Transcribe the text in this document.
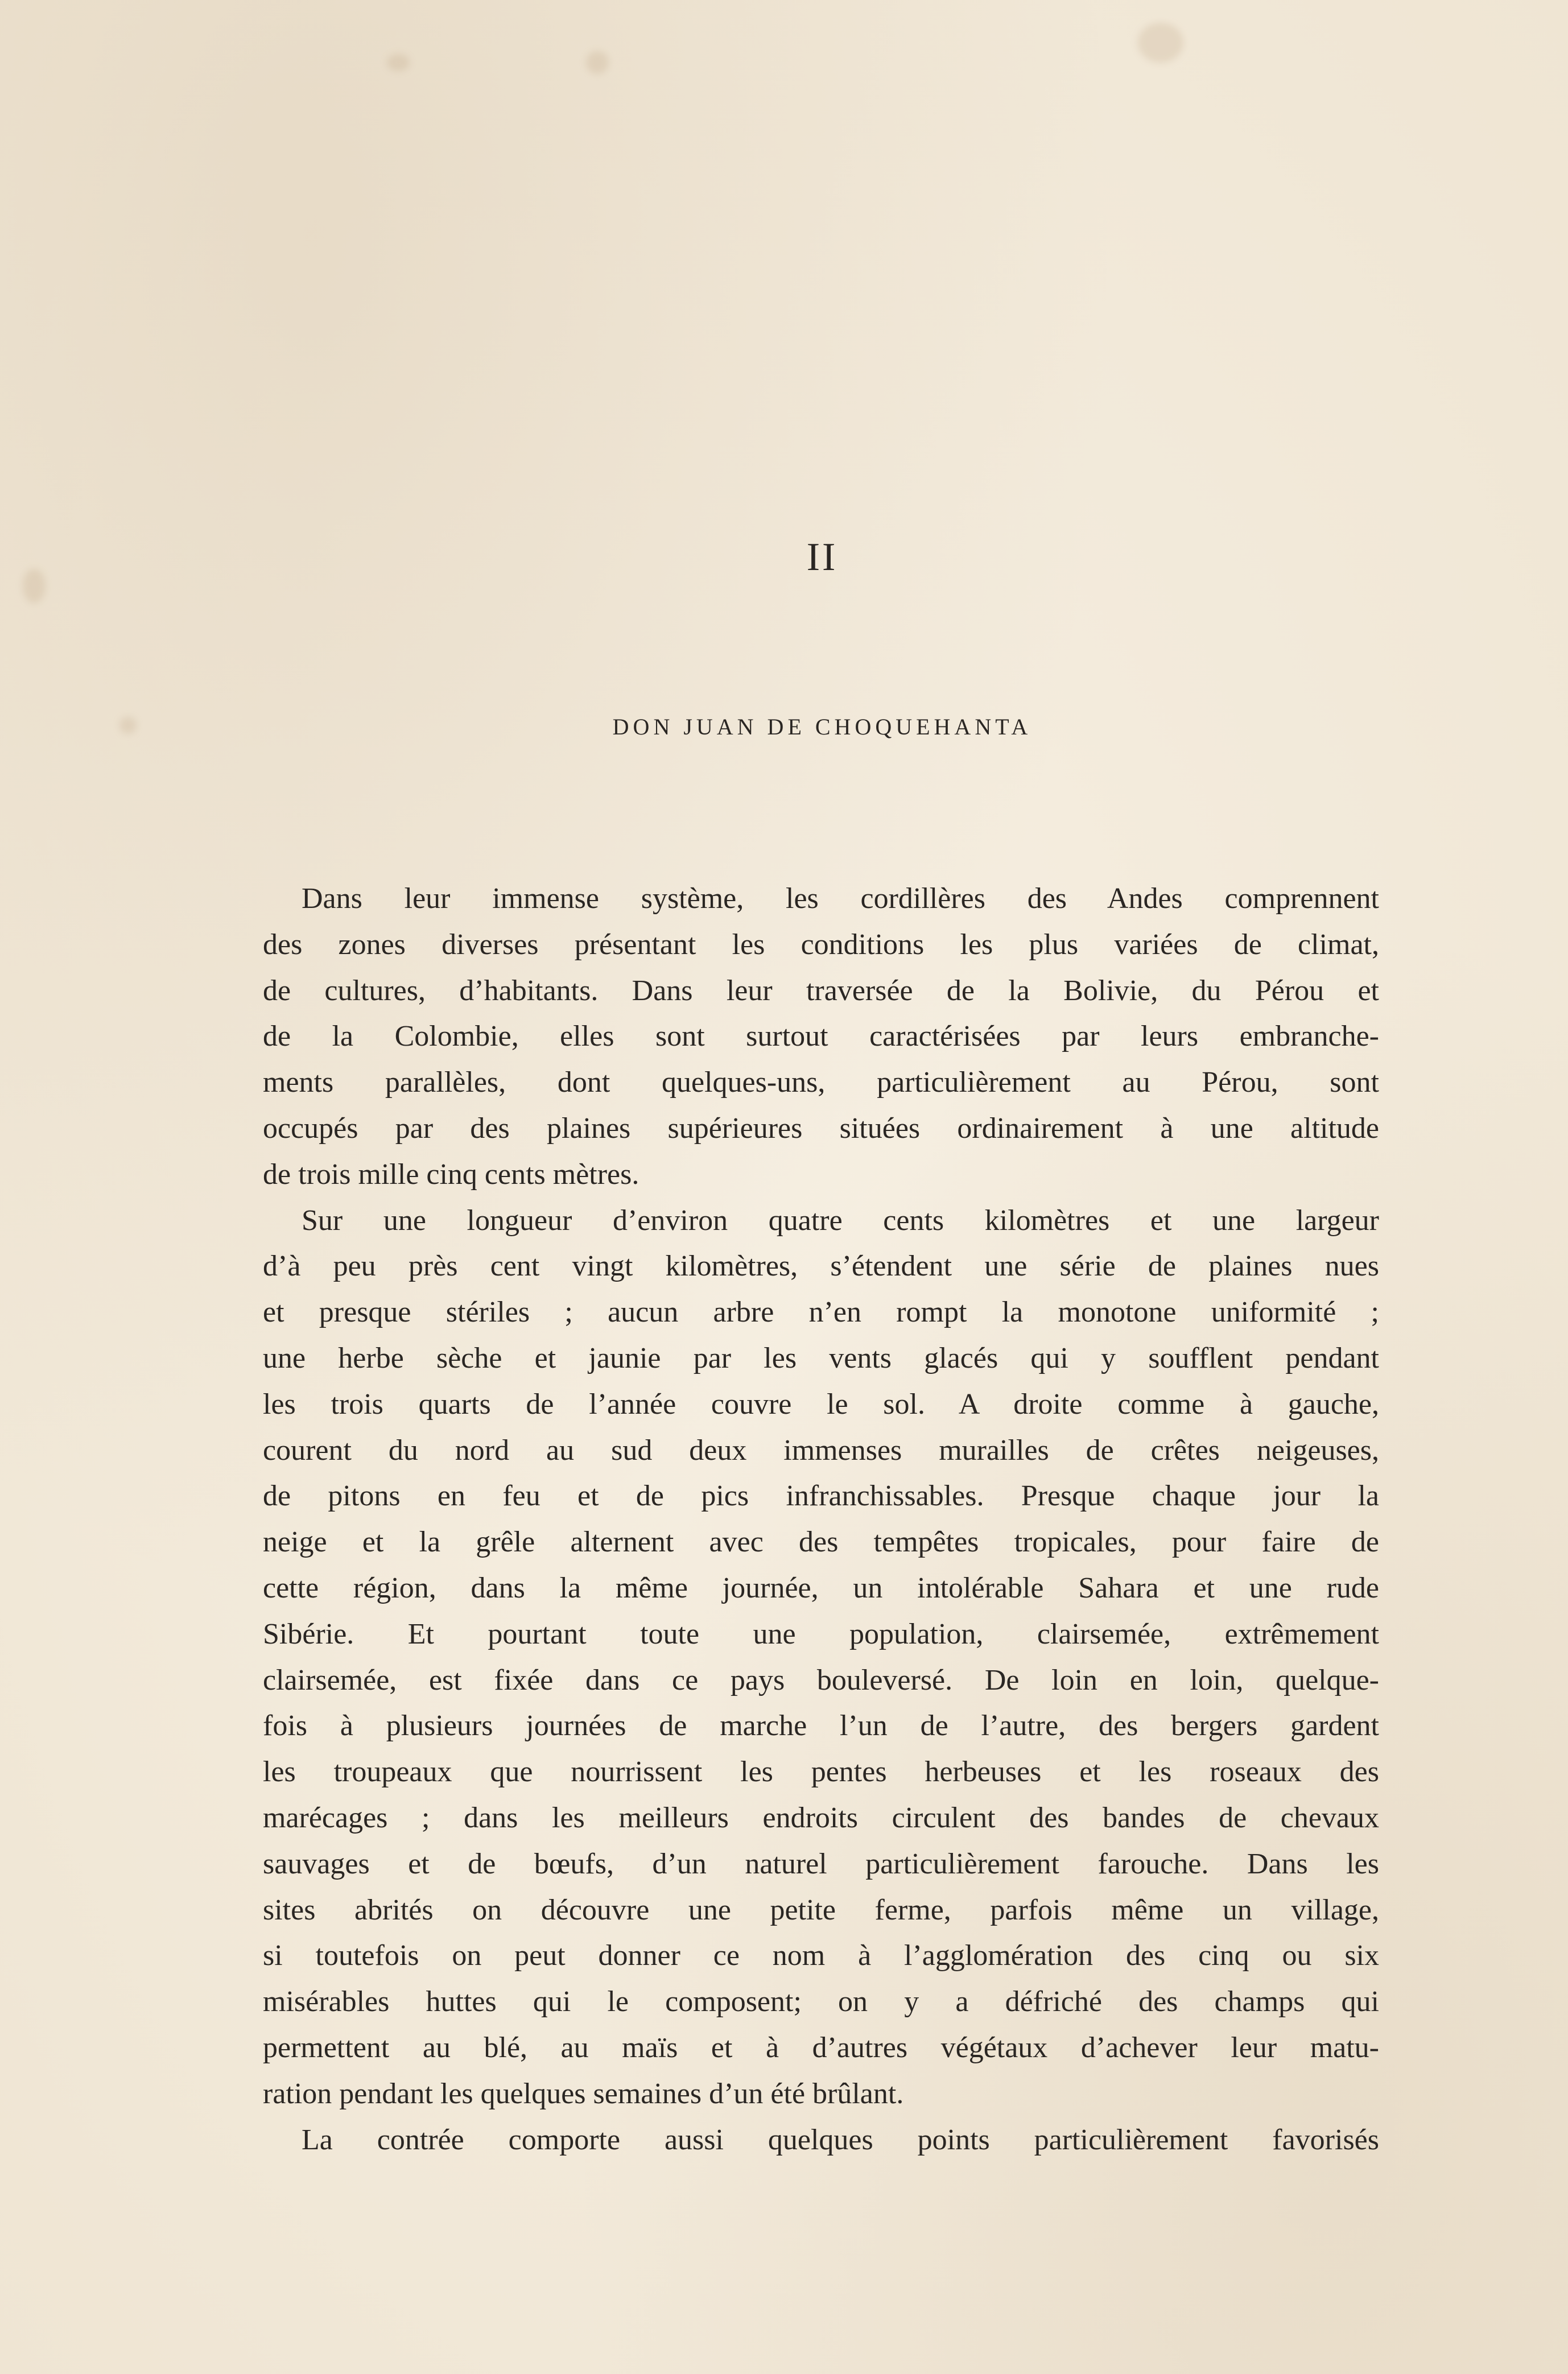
II
DON JUAN DE CHOQUEHANTA
Dans leur immense système, les cordillères des Andes comprennent
des zones diverses présentant les conditions les plus variées de climat,
de cultures, d’habitants. Dans leur traversée de la Bolivie, du Pérou et
de la Colombie, elles sont surtout caractérisées par leurs embranche-
ments parallèles, dont quelques-uns, particulièrement au Pérou, sont
occupés par des plaines supérieures situées ordinairement à une altitude
de trois mille cinq cents mètres.
Sur une longueur d’environ quatre cents kilomètres et une largeur
d’à peu près cent vingt kilomètres, s’étendent une série de plaines nues
et presque stériles ; aucun arbre n’en rompt la monotone uniformité ;
une herbe sèche et jaunie par les vents glacés qui y soufflent pendant
les trois quarts de l’année couvre le sol. A droite comme à gauche,
courent du nord au sud deux immenses murailles de crêtes neigeuses,
de pitons en feu et de pics infranchissables. Presque chaque jour la
neige et la grêle alternent avec des tempêtes tropicales, pour faire de
cette région, dans la même journée, un intolérable Sahara et une rude
Sibérie. Et pourtant toute une population, clairsemée, extrêmement
clairsemée, est fixée dans ce pays bouleversé. De loin en loin, quelque-
fois à plusieurs journées de marche l’un de l’autre, des bergers gardent
les troupeaux que nourrissent les pentes herbeuses et les roseaux des
marécages ; dans les meilleurs endroits circulent des bandes de chevaux
sauvages et de bœufs, d’un naturel particulièrement farouche. Dans les
sites abrités on découvre une petite ferme, parfois même un village,
si toutefois on peut donner ce nom à l’agglomération des cinq ou six
misérables huttes qui le composent; on y a défriché des champs qui
permettent au blé, au maïs et à d’autres végétaux d’achever leur matu-
ration pendant les quelques semaines d’un été brûlant.
La contrée comporte aussi quelques points particulièrement favorisés
